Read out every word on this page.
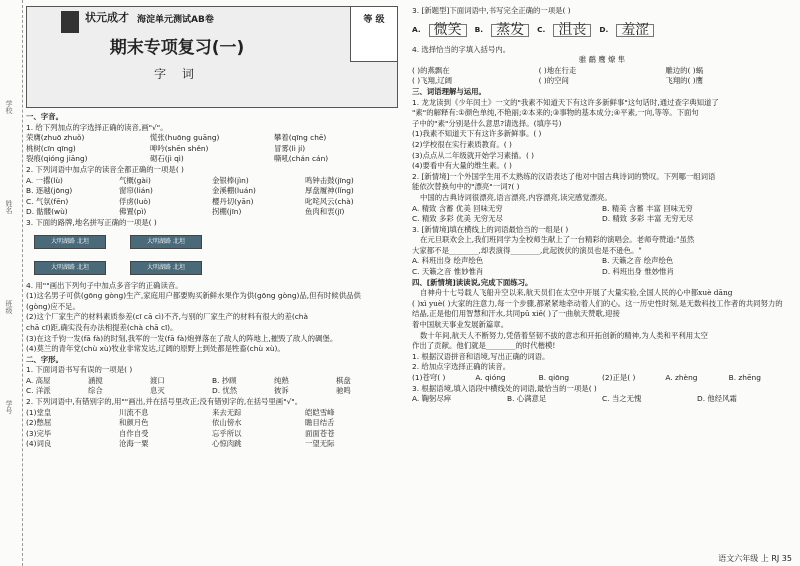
学校
姓名
班级
学号
状元成才 海淀单元测试AB卷	等 级
期末专项复习(一)
字 词
一、字音。
1. 给下列加点的字选择正确的读音,画"√"。
荣膺(zhuō zhuǒ)	慌张(huōng guāng)	攀着(qīng chē)
桃树(cīn qīng)	呻吟(shēn shěn)	冒雾(lì jí)
裂痕(qióng jiāng)	砌石(jì qì)	嘶吼(chán cán)
2. 下列词语中加点字的读音全都正确的一项是( )
A. 一撂(lù)	气概(gài)	金银棒(jìn)	鸣钟击鼓(jīng)
B. 逐越(jōng)	窗帘(lián)	金溪棚(luán)	厚盘履神(lǐng)
C. 气氛(fēn)	俘虏(luò)	樱丹切(yān)	叱咤风云(chà)
D. 骷髅(wù)	佛置(pì)	拐棚(jīn)	鱼肉和衷(jī)
3. 下面的路牌,地名拼写正确的一项是( )
大明湖路 北坦	大明湖路 北坦
大明湖路 北坦	大明湖路 北坦
4. 用""画出下列句子中加点多音字的正确读音。
(1)这名男子可供(gōng gòng)生产,家庭用户都要购买新鲜水果作为供(gōng gòng)品,但有时候供品供
(gòng)应不足。
(2)这个厂家生产的材料素质参差(cī cā cì)不齐,与别的厂家生产的材料有很大的差(chà
chā cī)距,确实没有办法相提差(chà chā cī)。
(3)在这千钧一发(fā fà)的时刻,我军的一发(fā fà)炮弹落在了敌人的阵地上,摧毁了敌人的碉堡。
(4)莫兰的青年党(chù xù)牧业非常发达,辽阔的原野上到处都是牲畜(chù xù)。
二、字形。
1. 下面词语书写有误的一项是( )
A. 高屋	涵搅	渡口	B. 抄顾	纯熟	棋盘
C. 洋派	综合	息灭	D. 忧然	彼诉	驰鸣
2. 下列词语中,有错别字的,用""画出,并在括号里改正;没有错别字的,在括号里画"√"。
(1)堂皇	川流不息	来去无踪	皑皑雪峰
(2)憋屈	和颜月色	依山傍水	瞻目结舌
(3)完毕	自作自受	忘乎所以	面面苍苍
(4)词良	沧海一粟	心惊肉跳	一望无际
3. [新题型]下面词语中,书写完全正确的一项是( )
A. 微笑	B. 蒸发	C. 沮丧	D. 羞涩
4. 选择恰当的字填入括号内。
骓 鹬 鹰 燎 隼
( )的燕飘在	( )地在行走	雕边的( )蜗
( )飞翔,辽阔	( )的空间	飞翔的( )鹰
三、词语理解与运用。
1. 龙龙读到《少年闰土》一文的"我素不知道天下有这许多新鲜事"这句话时,通过查字典知道了
"素"的解释有:①颜色单纯,不艳丽;②本来的;③事物的基本成分;④平素,一向,等等。下面句
子中的"素"分别是什么意思?请选择。(填序号)
(1)我素不知道天下有这许多新鲜事。( )
(2)学校很在实行素质教育。( )
(3)点点从二年级就开始学习素描。( )
(4)要看中有大量的维生素。( )
2. [新情境]一个外国学生用不太熟练的汉语表达了他对中国古典诗词的赞叹。下列哪一组词语
能依次替换句中的"漂亮"一词?( )
中国的古典诗词很漂亮,语言漂亮,内容漂亮,读完感觉漂亮。
A. 精致 含蓄 优美 回味无穷	B. 精美 含蓄 丰富 回味无穷
C. 精致 多彩 优美 无穷无尽	D. 精致 多彩 丰富 无穷无尽
3. [新情境]填在横线上的词语最恰当的一组是( )
在元旦联欢会上,我们班同学为全校师生献上了一台精彩的演唱会。老师夸赞道:"虽然
大家都不是________,却表演得________,此起彼伏的演员也是不逊色。"
A. 科班出身 绘声绘色	B. 天籁之音 绘声绘色
C. 天籁之音 惟妙惟肖	D. 科班出身 惟妙惟肖
四、[新情境]读读说,完成下面练习。
自神舟十七号载人飞船升空以来,航天员们在太空中开展了大量实验,全国人民的心中都xuè dāng
( )xì yuè( )大家的注意力,每一个步骤,都紧紧地牵动着人们的心。这一历史性时刻,是无数科技工作者的共同努力的
结晶,正是他们用智慧和汗水,共同pū xiě( )了一曲航天赞歌,迎接
着中国航天事业发展新篇章。
数十年间,航天人不断努力,凭借着坚韧不拔的意志和开拓创新的精神,为人类和平利用太空
作出了贡献。他们就是________的时代楷模!
1. 根据汉语拼音和语境,写出正确的词语。
2. 给加点字选择正确的读音。
(1)苍穹( )	A. qióng	B. qiōng	(2)正是( )	A. zhèng	B. zhēng
3. 根据语境,填入语段中横线处的词语,最恰当的一项是( )
A. 鞠躬尽瘁	B. 心满意足	C. 当之无愧	D. 他经风霜
语文六年级 上 RJ 35
